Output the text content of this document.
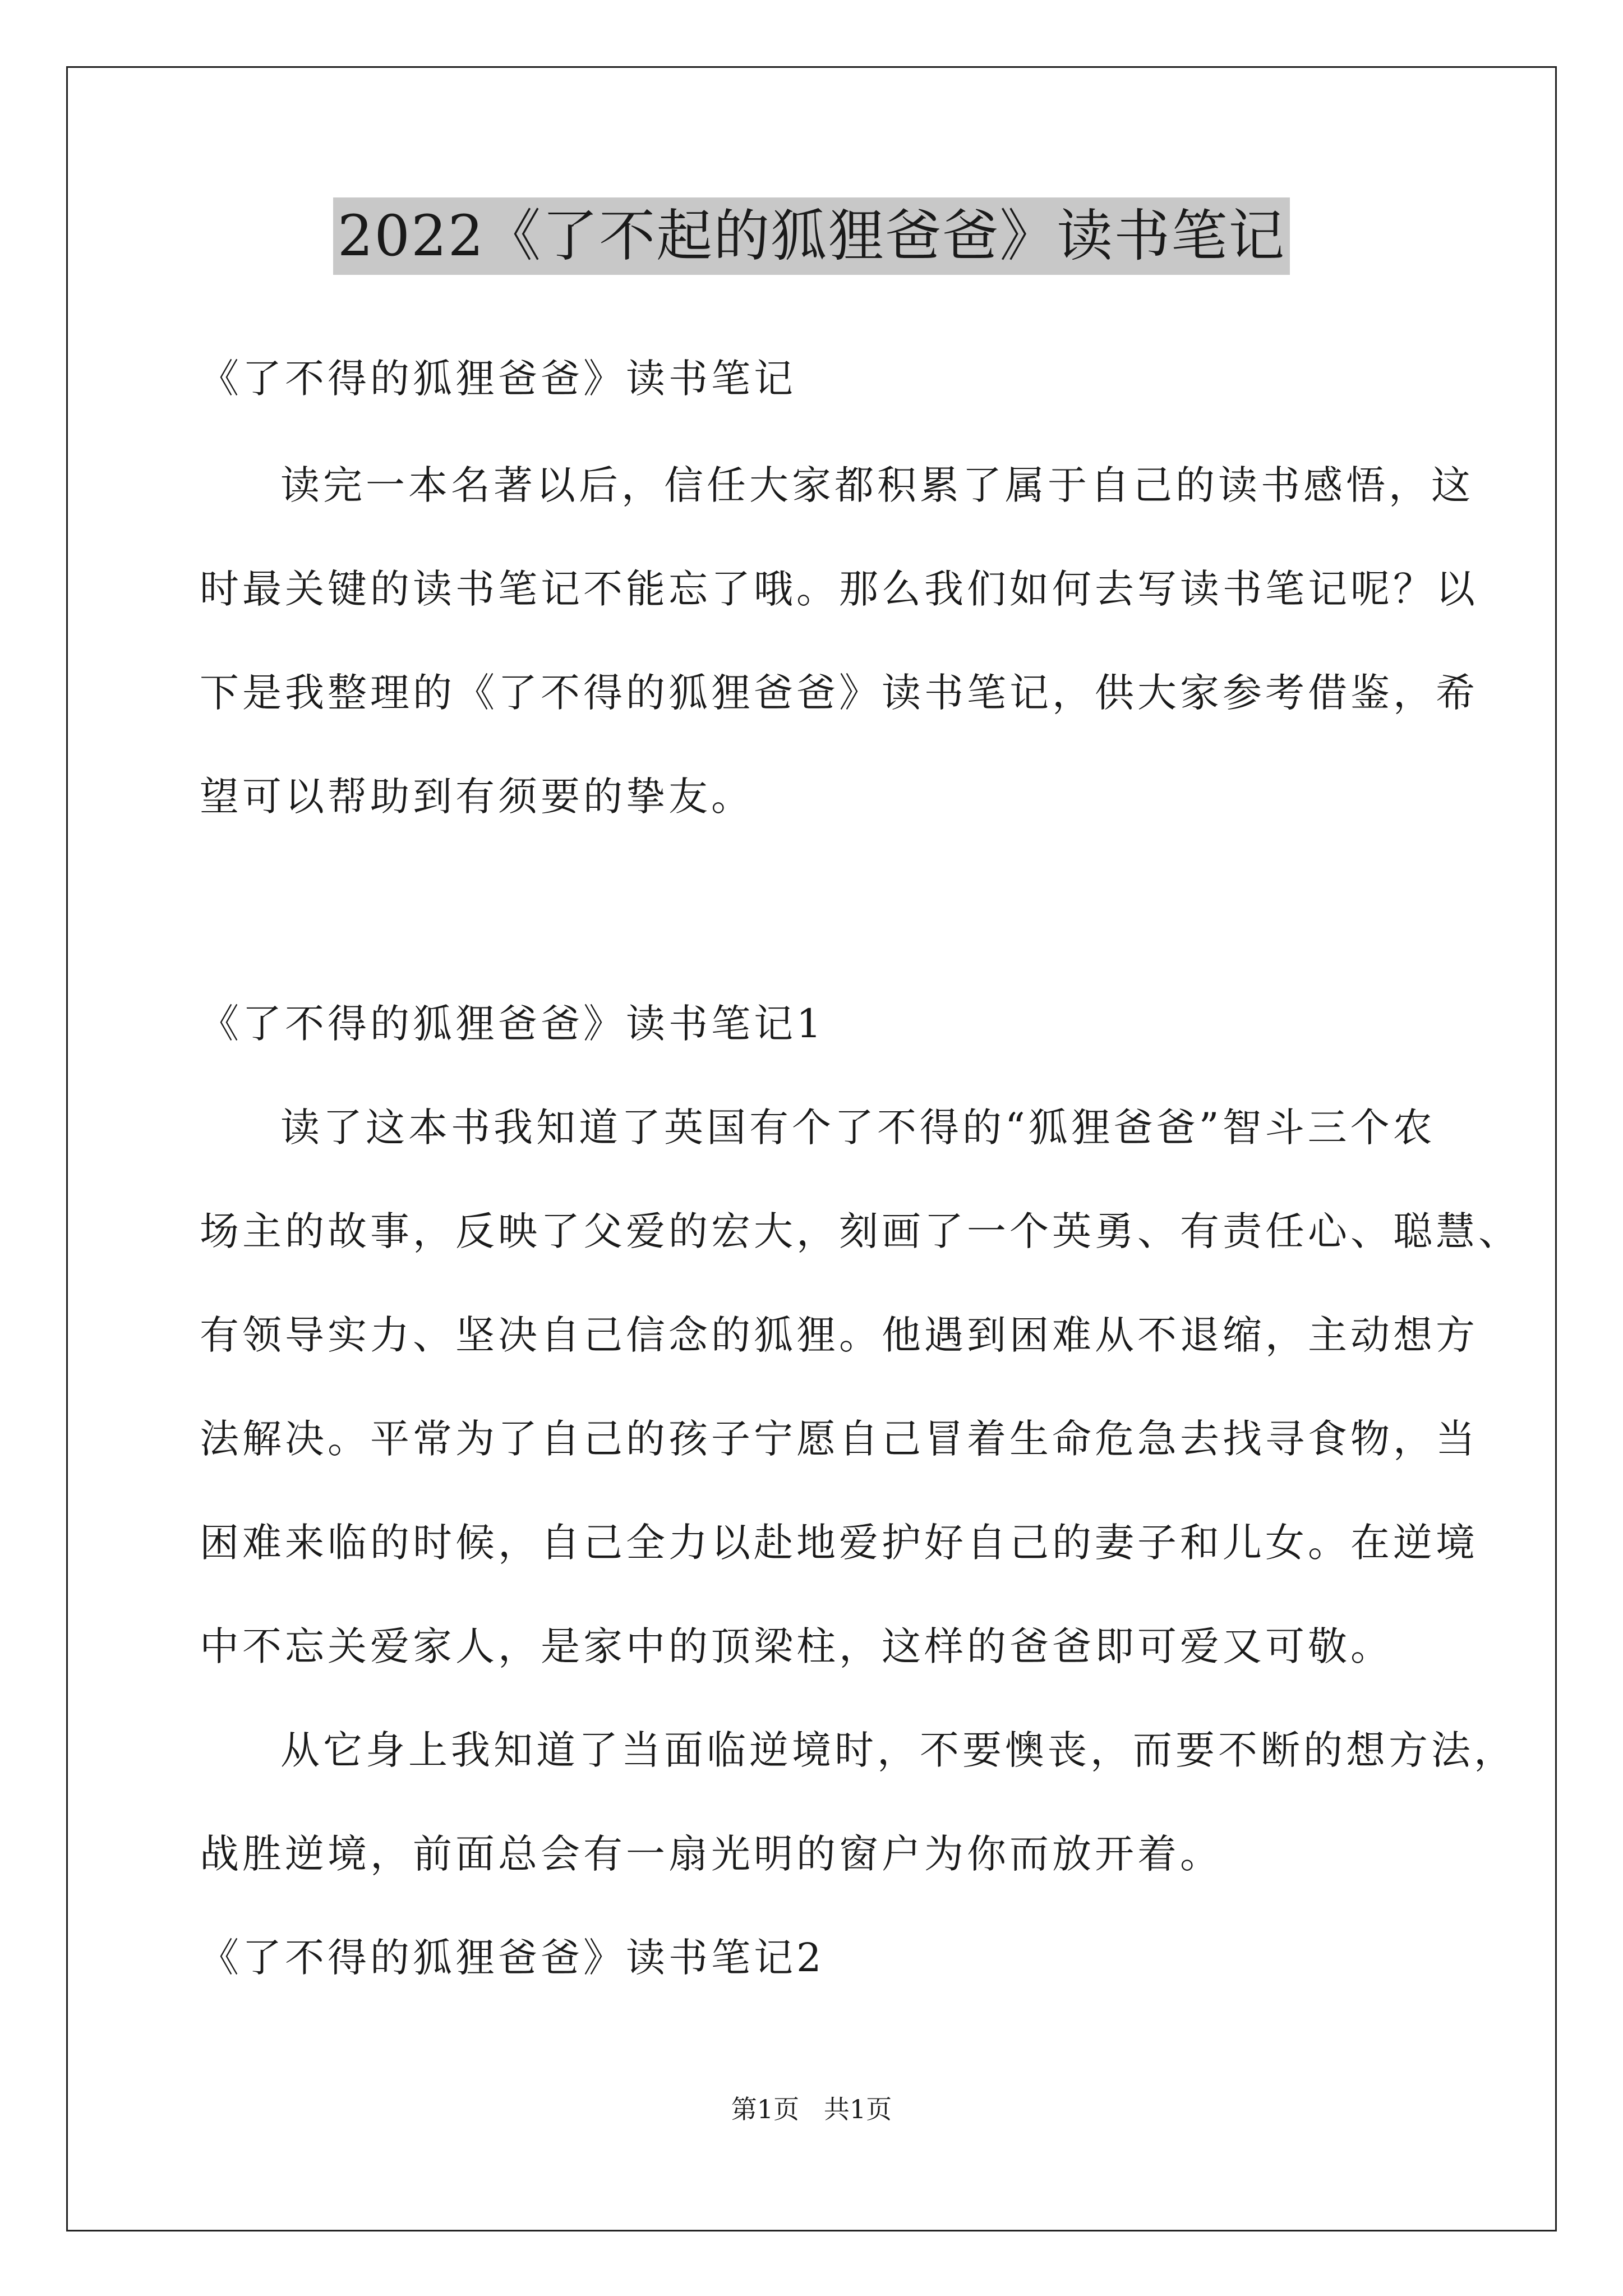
2022《了不起的狐狸爸爸》读书笔记
《了不得的狐狸爸爸》读书笔记
读完一本名著以后，信任大家都积累了属于自己的读书感悟，这
时最关键的读书笔记不能忘了哦。那么我们如何去写读书笔记呢？以
下是我整理的《了不得的狐狸爸爸》读书笔记，供大家参考借鉴，希
望可以帮助到有须要的挚友。
《了不得的狐狸爸爸》读书笔记1
读了这本书我知道了英国有个了不得的“狐狸爸爸”智斗三个农
场主的故事，反映了父爱的宏大，刻画了一个英勇、有责任心、聪慧、
有领导实力、坚决自己信念的狐狸。他遇到困难从不退缩，主动想方
法解决。平常为了自己的孩子宁愿自己冒着生命危急去找寻食物，当
困难来临的时候，自己全力以赴地爱护好自己的妻子和儿女。在逆境
中不忘关爱家人，是家中的顶梁柱，这样的爸爸即可爱又可敬。
从它身上我知道了当面临逆境时，不要懊丧，而要不断的想方法，
战胜逆境，前面总会有一扇光明的窗户为你而放开着。
《了不得的狐狸爸爸》读书笔记2
第1页   共1页
